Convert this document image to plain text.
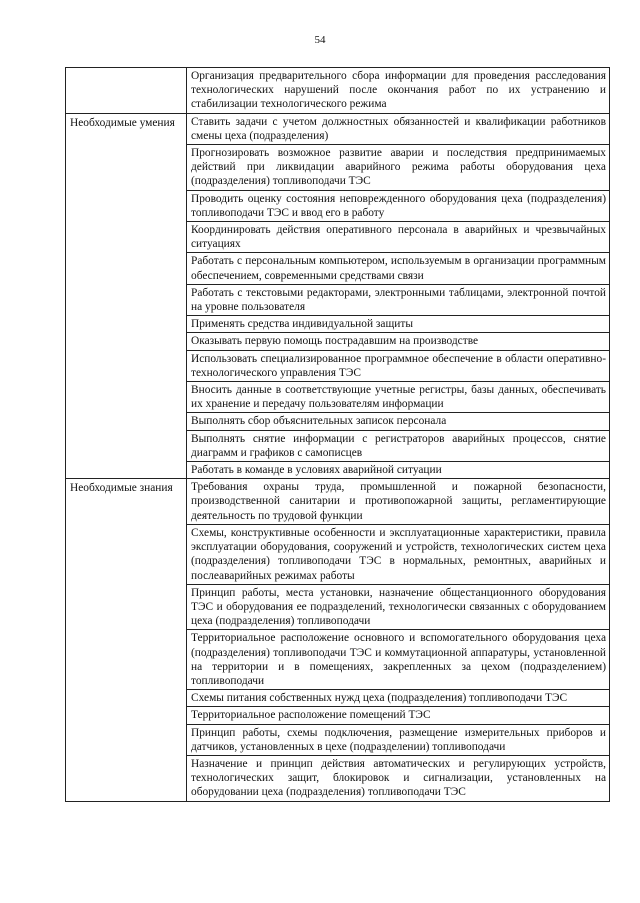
54
	Организация предварительного сбора информации для проведения расследования технологических нарушений после окончания работ по их устранению и стабилизации технологического режима
Необходимые умения	Ставить задачи с учетом должностных обязанностей и квалификации работников смены цеха (подразделения)
	Прогнозировать возможное развитие аварии и последствия предпринимаемых действий при ликвидации аварийного режима работы оборудования цеха (подразделения) топливоподачи ТЭС
	Проводить оценку состояния неповрежденного оборудования цеха (подразделения) топливоподачи ТЭС и ввод его в работу
	Координировать действия оперативного персонала в аварийных и чрезвычайных ситуациях
	Работать с персональным компьютером, используемым в организации программным обеспечением, современными средствами связи
	Работать с текстовыми редакторами, электронными таблицами, электронной почтой на уровне пользователя
	Применять средства индивидуальной защиты
	Оказывать первую помощь пострадавшим на производстве
	Использовать специализированное программное обеспечение в области оперативно-технологического управления ТЭС
	Вносить данные в соответствующие учетные регистры, базы данных, обеспечивать их хранение и передачу пользователям информации
	Выполнять сбор объяснительных записок персонала
	Выполнять снятие информации с регистраторов аварийных процессов, снятие диаграмм и графиков с самописцев
	Работать в команде в условиях аварийной ситуации
Необходимые знания	Требования охраны труда, промышленной и пожарной безопасности, производственной санитарии и противопожарной защиты, регламентирующие деятельность по трудовой функции
	Схемы, конструктивные особенности и эксплуатационные характеристики, правила эксплуатации оборудования, сооружений и устройств, технологических систем цеха (подразделения) топливоподачи ТЭС в нормальных, ремонтных, аварийных и послеаварийных режимах работы
	Принцип работы, места установки, назначение общестанционного оборудования ТЭС и оборудования ее подразделений, технологически связанных с оборудованием цеха (подразделения) топливоподачи
	Территориальное расположение основного и вспомогательного оборудования цеха (подразделения) топливоподачи ТЭС и коммутационной аппаратуры, установленной на территории и в помещениях, закрепленных за цехом (подразделением) топливоподачи
	Схемы питания собственных нужд цеха (подразделения) топливоподачи ТЭС
	Территориальное расположение помещений ТЭС
	Принцип работы, схемы подключения, размещение измерительных приборов и датчиков, установленных в цехе (подразделении) топливоподачи
	Назначение и принцип действия автоматических и регулирующих устройств, технологических защит, блокировок и сигнализации, установленных на оборудовании цеха (подразделения) топливоподачи ТЭС
